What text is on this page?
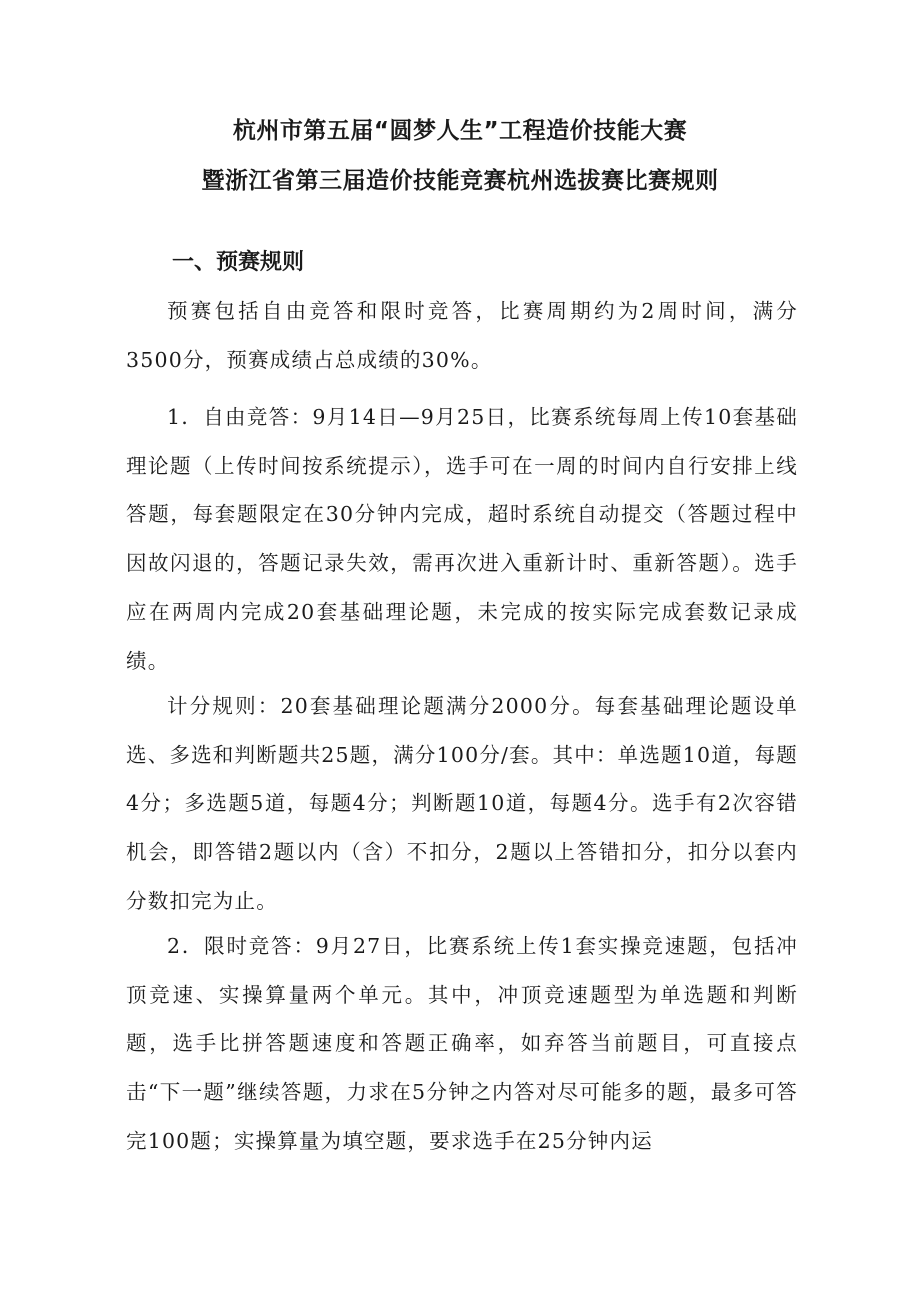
杭州市第五届“圆梦人生”工程造价技能大赛
暨浙江省第三届造价技能竞赛杭州选拔赛比赛规则
一、预赛规则

预赛包括自由竞答和限时竞答，比赛周期约为2周时间，满分3500分，预赛成绩占总成绩的30%。

1．自由竞答：9月14日—9月25日，比赛系统每周上传10套基础理论题（上传时间按系统提示），选手可在一周的时间内自行安排上线答题，每套题限定在30分钟内完成，超时系统自动提交（答题过程中因故闪退的，答题记录失效，需再次进入重新计时、重新答题）。选手应在两周内完成20套基础理论题，未完成的按实际完成套数记录成绩。

计分规则：20套基础理论题满分2000分。每套基础理论题设单选、多选和判断题共25题，满分100分/套。其中：单选题10道，每题4分；多选题5道，每题4分；判断题10道，每题4分。选手有2次容错机会，即答错2题以内（含）不扣分，2题以上答错扣分，扣分以套内分数扣完为止。

2．限时竞答：9月27日，比赛系统上传1套实操竞速题，包括冲顶竞速、实操算量两个单元。其中，冲顶竞速题型为单选题和判断题，选手比拼答题速度和答题正确率，如弃答当前题目，可直接点击“下一题”继续答题，力求在5分钟之内答对尽可能多的题，最多可答完100题；实操算量为填空题，要求选手在25分钟内运
